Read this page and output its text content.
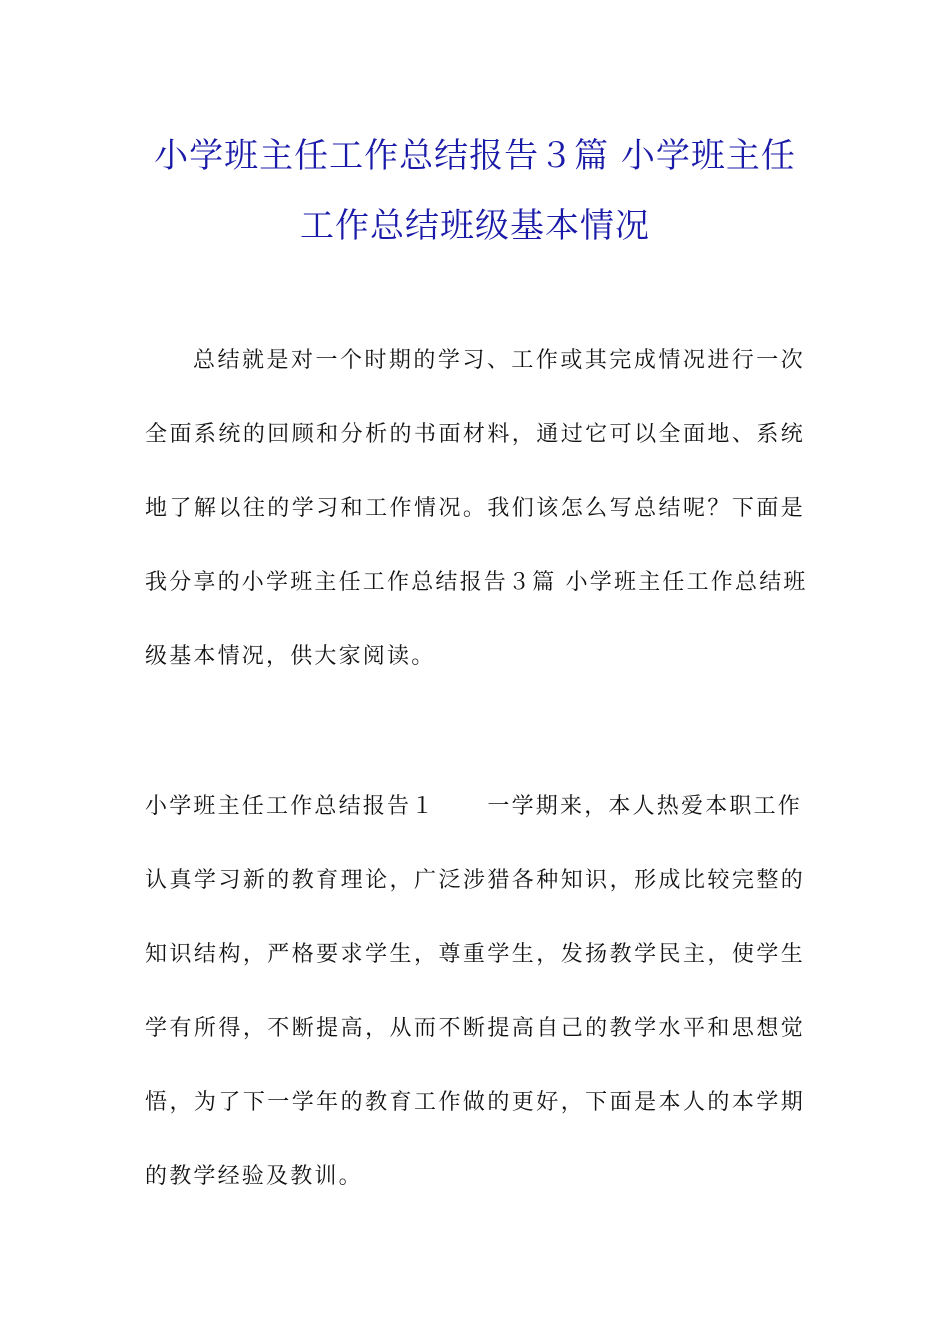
小学班主任工作总结报告３篇 小学班主任
工作总结班级基本情况
总结就是对一个时期的学习、工作或其完成情况进行一次
全面系统的回顾和分析的书面材料，通过它可以全面地、系统
地了解以往的学习和工作情况。我们该怎么写总结呢？下面是
我分享的小学班主任工作总结报告３篇 小学班主任工作总结班
级基本情况，供大家阅读。
小学班主任工作总结报告１ 一学期来，本人热爱本职工作
认真学习新的教育理论，广泛涉猎各种知识，形成比较完整的
知识结构，严格要求学生，尊重学生，发扬教学民主，使学生
学有所得，不断提高，从而不断提高自己的教学水平和思想觉
悟，为了下一学年的教育工作做的更好，下面是本人的本学期
的教学经验及教训。
